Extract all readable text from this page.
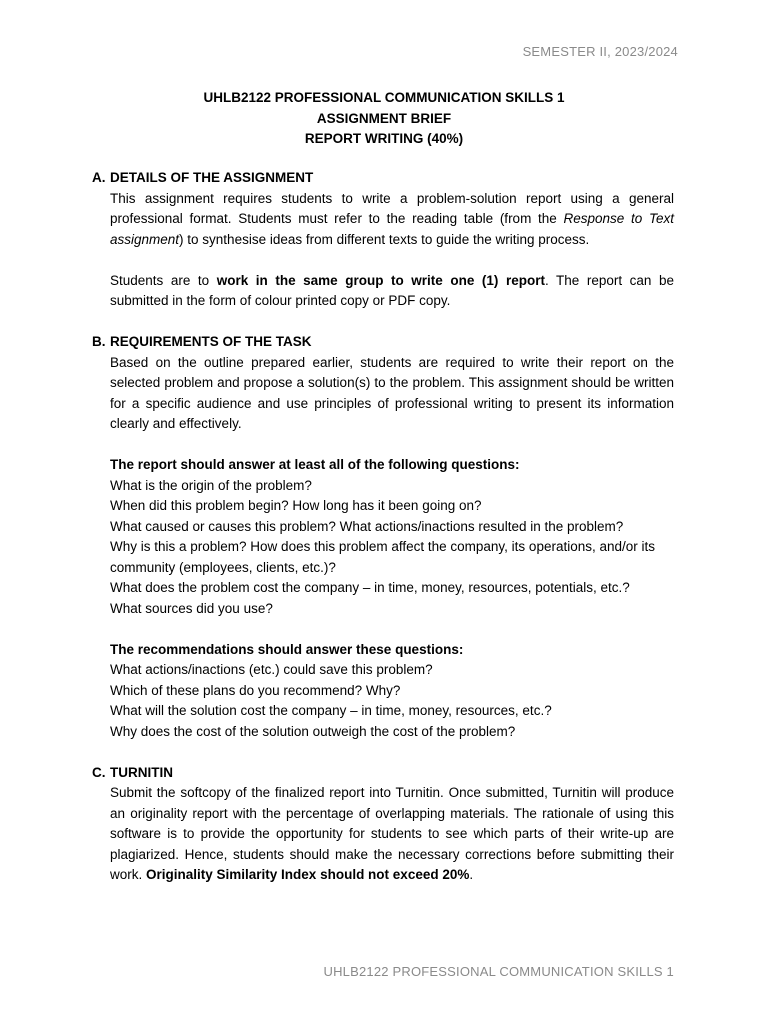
SEMESTER II, 2023/2024
UHLB2122 PROFESSIONAL COMMUNICATION SKILLS 1
ASSIGNMENT BRIEF
REPORT WRITING (40%)
A. DETAILS OF THE ASSIGNMENT
This assignment requires students to write a problem-solution report using a general professional format. Students must refer to the reading table (from the Response to Text assignment) to synthesise ideas from different texts to guide the writing process.
Students are to work in the same group to write one (1) report. The report can be submitted in the form of colour printed copy or PDF copy.
B. REQUIREMENTS OF THE TASK
Based on the outline prepared earlier, students are required to write their report on the selected problem and propose a solution(s) to the problem. This assignment should be written for a specific audience and use principles of professional writing to present its information clearly and effectively.
The report should answer at least all of the following questions:
What is the origin of the problem?
When did this problem begin? How long has it been going on?
What caused or causes this problem? What actions/inactions resulted in the problem?
Why is this a problem? How does this problem affect the company, its operations, and/or its community (employees, clients, etc.)?
What does the problem cost the company – in time, money, resources, potentials, etc.?
What sources did you use?
The recommendations should answer these questions:
What actions/inactions (etc.) could save this problem?
Which of these plans do you recommend? Why?
What will the solution cost the company – in time, money, resources, etc.?
Why does the cost of the solution outweigh the cost of the problem?
C. TURNITIN
Submit the softcopy of the finalized report into Turnitin. Once submitted, Turnitin will produce an originality report with the percentage of overlapping materials. The rationale of using this software is to provide the opportunity for students to see which parts of their write-up are plagiarized. Hence, students should make the necessary corrections before submitting their work. Originality Similarity Index should not exceed 20%.
UHLB2122 PROFESSIONAL COMMUNICATION SKILLS 1
